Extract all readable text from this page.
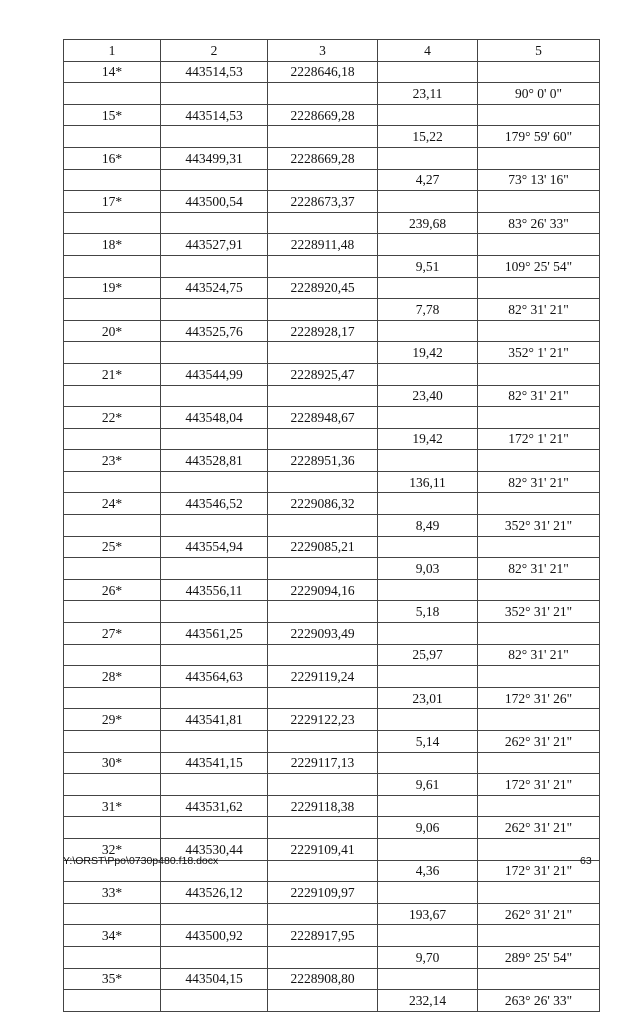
1	2	3	4	5
14*	443514,53	2228646,18		
			23,11	90° 0' 0"
15*	443514,53	2228669,28		
			15,22	179° 59' 60"
16*	443499,31	2228669,28		
			4,27	73° 13' 16"
17*	443500,54	2228673,37		
			239,68	83° 26' 33"
18*	443527,91	2228911,48		
			9,51	109° 25' 54"
19*	443524,75	2228920,45		
			7,78	82° 31' 21"
20*	443525,76	2228928,17		
			19,42	352° 1' 21"
21*	443544,99	2228925,47		
			23,40	82° 31' 21"
22*	443548,04	2228948,67		
			19,42	172° 1' 21"
23*	443528,81	2228951,36		
			136,11	82° 31' 21"
24*	443546,52	2229086,32		
			8,49	352° 31' 21"
25*	443554,94	2229085,21		
			9,03	82° 31' 21"
26*	443556,11	2229094,16		
			5,18	352° 31' 21"
27*	443561,25	2229093,49		
			25,97	82° 31' 21"
28*	443564,63	2229119,24		
			23,01	172° 31' 26"
29*	443541,81	2229122,23		
			5,14	262° 31' 21"
30*	443541,15	2229117,13		
			9,61	172° 31' 21"
31*	443531,62	2229118,38		
			9,06	262° 31' 21"
32*	443530,44	2229109,41		
			4,36	172° 31' 21"
33*	443526,12	2229109,97		
			193,67	262° 31' 21"
34*	443500,92	2228917,95		
			9,70	289° 25' 54"
35*	443504,15	2228908,80		
			232,14	263° 26' 33"
Y:\ORST\Ppo\0730p480.f18.docx	63
